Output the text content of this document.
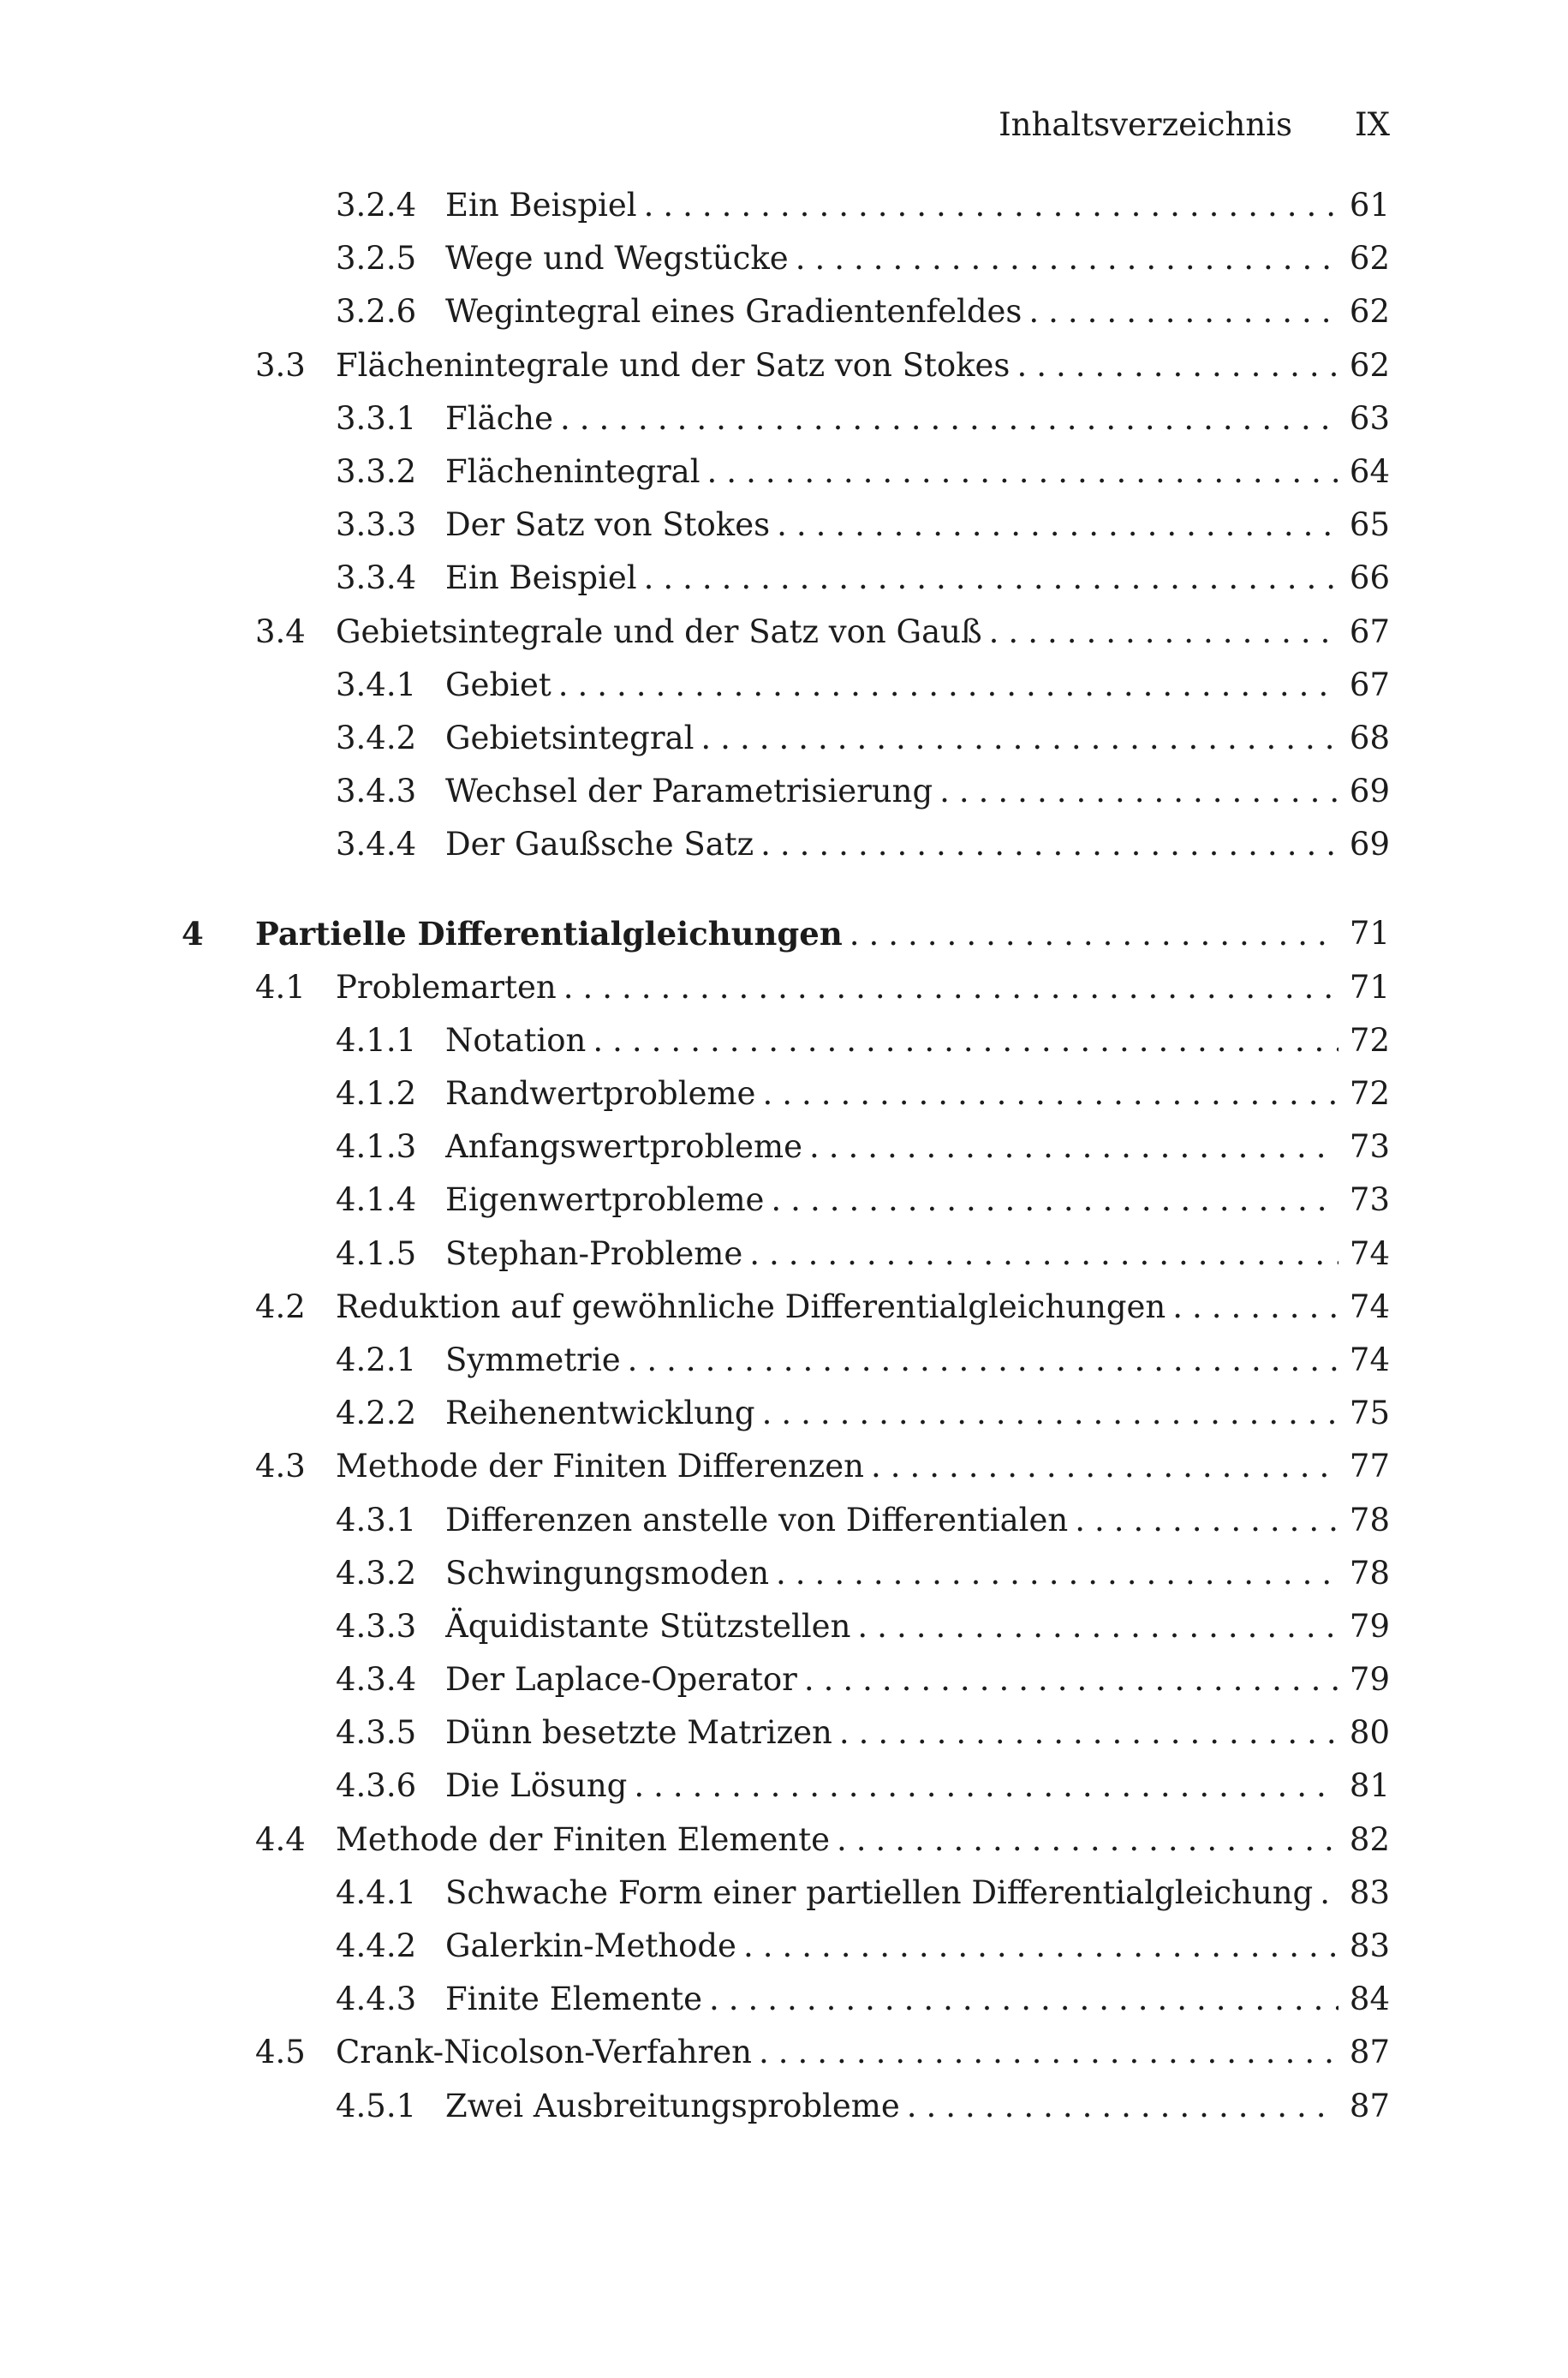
Inhaltsverzeichnis IX
3.2.4 Ein Beispiel .....	61
3.2.5 Wege und Wegstücke .....	62
3.2.6 Wegintegral eines Gradientenfeldes .....	62
3.3 Flächenintegrale und der Satz von Stokes .....	62
3.3.1 Fläche .....	63
3.3.2 Flächenintegral .....	64
3.3.3 Der Satz von Stokes .....	65
3.3.4 Ein Beispiel .....	66
3.4 Gebietsintegrale und der Satz von Gauß .....	67
3.4.1 Gebiet .....	67
3.4.2 Gebietsintegral .....	68
3.4.3 Wechsel der Parametrisierung .....	69
3.4.4 Der Gaußsche Satz .....	69
4 Partielle Differentialgleichungen .....	71
4.1 Problemarten .....	71
4.1.1 Notation .....	72
4.1.2 Randwertprobleme .....	72
4.1.3 Anfangswertprobleme .....	73
4.1.4 Eigenwertprobleme .....	73
4.1.5 Stephan-Probleme .....	74
4.2 Reduktion auf gewöhnliche Differentialgleichungen .....	74
4.2.1 Symmetrie .....	74
4.2.2 Reihenentwicklung .....	75
4.3 Methode der Finiten Differenzen .....	77
4.3.1 Differenzen anstelle von Differentialen .....	78
4.3.2 Schwingungsmoden .....	78
4.3.3 Äquidistante Stützstellen .....	79
4.3.4 Der Laplace-Operator .....	79
4.3.5 Dünn besetzte Matrizen .....	80
4.3.6 Die Lösung .....	81
4.4 Methode der Finiten Elemente .....	82
4.4.1 Schwache Form einer partiellen Differentialgleichung ..... 83
4.4.2 Galerkin-Methode .....	83
4.4.3 Finite Elemente .....	84
4.5 Crank-Nicolson-Verfahren .....	87
4.5.1 Zwei Ausbreitungsprobleme .....	87
